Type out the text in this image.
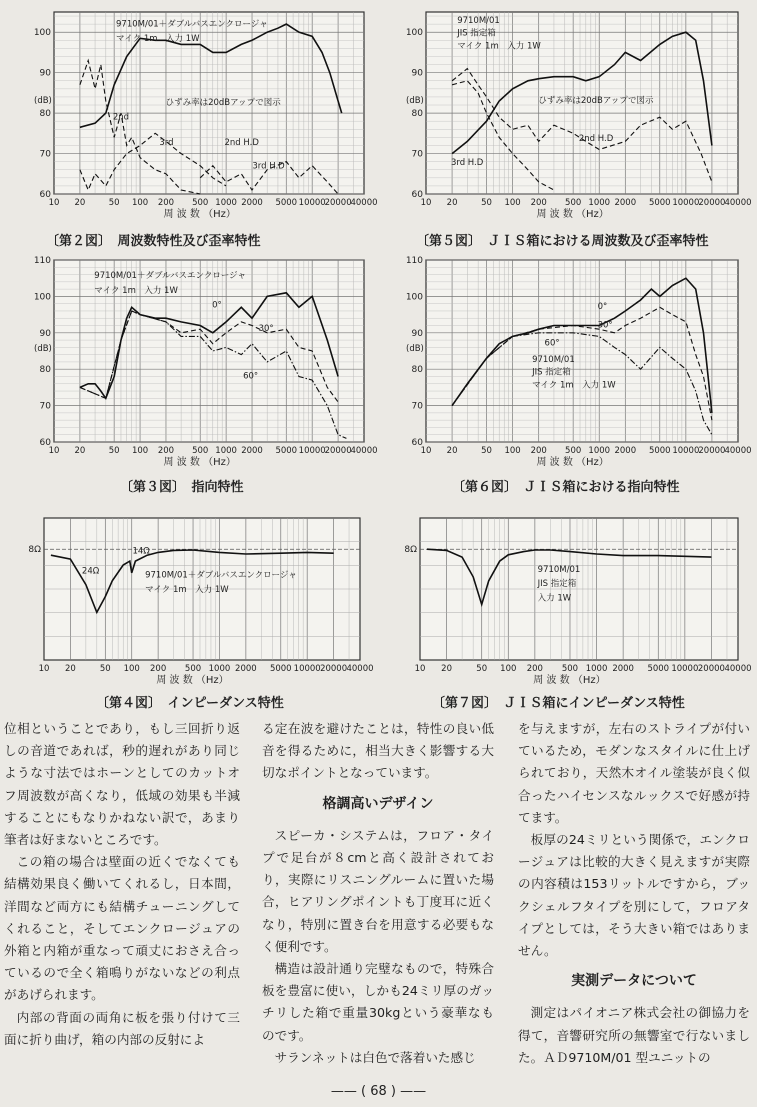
60
70
80
90
100
(dB)
10 20	50 100 200 500 1000 2000 5000 10000
20000
40000
周 波 数 （Hz）
9710M/01＋ダブルバスエンクロージャ
マイク 1m　入力 1W
ひずみ率は20dBアップで図示
2nd
3rd	2nd H.D
3rd H.D
〔第２図〕　周波数特性及び歪率特性
60
70
80
90
100
(dB)
10 20	50 100 200 500 1000 2000 5000 10000 20000 40000
周 波 数 （Hz）
9710M/01
JIS 指定箱
マイク 1m　入力 1W
ひずみ率は20dBアップで図示
2nd H.D
3rd H.D
〔第５図〕　ＪＩＳ箱における周波数及び歪率特性
60
70
80
90
100
110
(dB)
10 20	50 100 200 500 1000 2000 5000 10000
20000
40000
周 波 数 （Hz）
9710M/01＋ダブルバスエンクロージャ
マイク 1m　入力 1W
0°
30°
60°
〔第３図〕　指向特性
60
70
80
90
100
110
(dB)
10 20	50 100 200 500 1000 2000 5000 10000 20000 40000
周 波 数 （Hz）
9710M/01
JIS 指定箱
マイク 1m　入力 1W
0°
30°
60°
〔第６図〕　ＪＩＳ箱における指向特性
8Ω
10 20	50 100 200 500 1000 2000 5000 10000 20000 40000
周 波 数 （Hz）
24Ω
14Ω
9710M/01＋ダブルバスエンクロージャ
マイク 1m　入力 1W
〔第４図〕　インピーダンス特性
8Ω
10 20	50 100 200 500 1000 2000 5000 10000 20000 40000
周 波 数 （Hz）
9710M/01
JIS 指定箱
入力 1W
〔第７図〕　ＪＩＳ箱にインピーダンス特性

位相ということであり，もし三回折り返しの音道であれば，秒的遅れがあり同じような寸法ではホーンとしてのカットオフ周波数が高くなり，低域の効果も半減することにもなりかねない訳で，あまり筆者は好まないところです。

この箱の場合は壁面の近くでなくても結構効果良く働いてくれるし，日本間，洋間など両方にも結構チューニングしてくれること，そしてエンクロージュアの外箱と内箱が重なって頑丈におさえ合っているので全く箱鳴りがないなどの利点があげられます。

内部の背面の両角に板を張り付けて三面に折り曲げ，箱の内部の反射によ

る定在波を避けたことは，特性の良い低音を得るために，相当大きく影響する大切なポイントとなっています。

格調高いデザイン

スピーカ・システムは，フロア・タイプで足台が８cmと高く設計されており，実際にリスニングルームに置いた場合，ヒアリングポイントも丁度耳に近くなり，特別に置き台を用意する必要もなく便利です。

構造は設計通り完璧なもので，特殊合板を豊富に使い，しかも24ミリ厚のガッチリした箱で重量30kgという豪華なものです。

サランネットは白色で落着いた感じ

を与えますが，左右のストライプが付いているため，モダンなスタイルに仕上げられており，天然木オイル塗装が良く似合ったハイセンスなルックスで好感が持てます。

板厚の24ミリという関係で，エンクロージュアは比較的大きく見えますが実際の内容積は153リットルですから，ブックシェルフタイプを別にして，フロアタイプとしては，そう大きい箱ではありません。

実測データについて

測定はパイオニア株式会社の御協力を得て，音響研究所の無響室で行ないました。ＡＤ9710M/01 型ユニットの

—— ( 68 ) ——
